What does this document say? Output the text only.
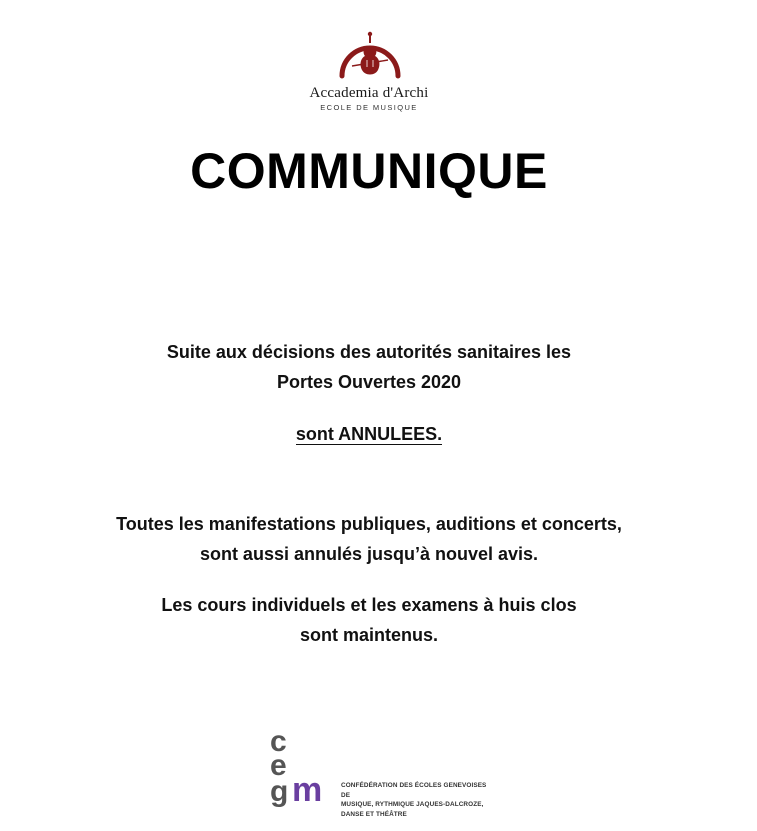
Accademia d'Archi
ECOLE DE MUSIQUE
COMMUNIQUE
Suite aux décisions des autorités sanitaires les
Portes Ouvertes 2020
sont ANNULEES.
Toutes les manifestations publiques, auditions et concerts,
sont aussi annulés jusqu’à nouvel avis.
Les cours individuels et les examens à huis clos
sont maintenus.
c
e
g m	CONFÉDÉRATION DES ÉCOLES GENEVOISES DE
MUSIQUE, RYTHMIQUE JAQUES-DALCROZE,
DANSE ET THÉÂTRE
